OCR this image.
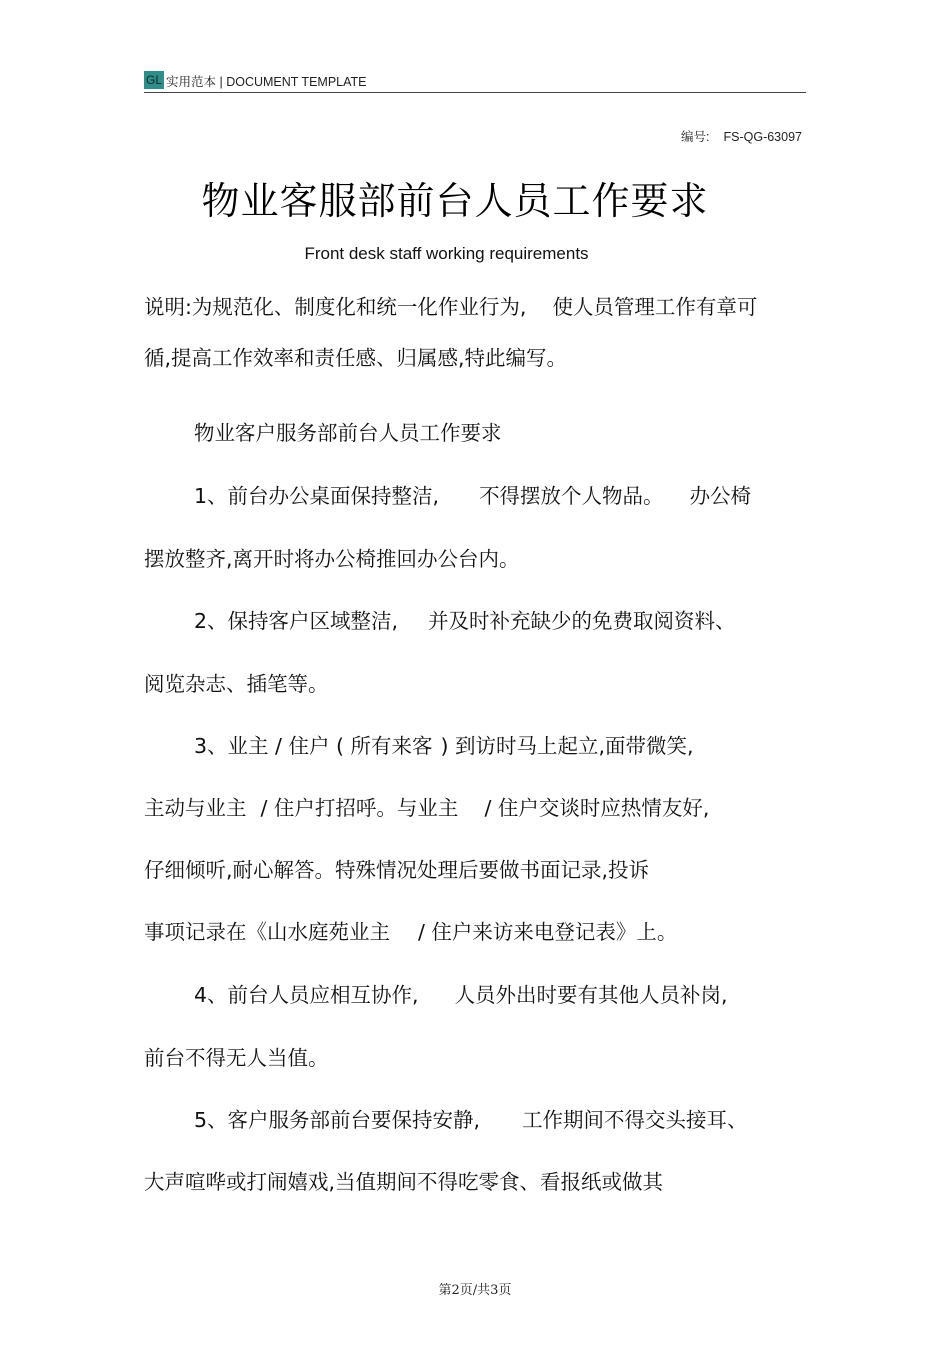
GL 实用范本 | DOCUMENT TEMPLATE
编号: FS-QG-63097
物业客服部前台人员工作要求
Front desk staff working requirements
说明:为规范化、制度化和统一化作业行为, 使人员管理工作有章可
循,提高工作效率和责任感、归属感,特此编写。
物业客户服务部前台人员工作要求
1、前台办公桌面保持整洁, 不得摆放个人物品。 办公椅
摆放整齐,离开时将办公椅推回办公台内。
2、保持客户区域整洁, 并及时补充缺少的免费取阅资料、
阅览杂志、插笔等。
3、业主 / 住户 ( 所有来客 ) 到访时马上起立,面带微笑,
主动与业主 / 住户打招呼。与业主 / 住户交谈时应热情友好,
仔细倾听,耐心解答。特殊情况处理后要做书面记录,投诉
事项记录在《山水庭苑业主 / 住户来访来电登记表》上。
4、前台人员应相互协作, 人员外出时要有其他人员补岗,
前台不得无人当值。
5、客户服务部前台要保持安静, 工作期间不得交头接耳、
大声喧哗或打闹嬉戏,当值期间不得吃零食、看报纸或做其
第2页/共3页
